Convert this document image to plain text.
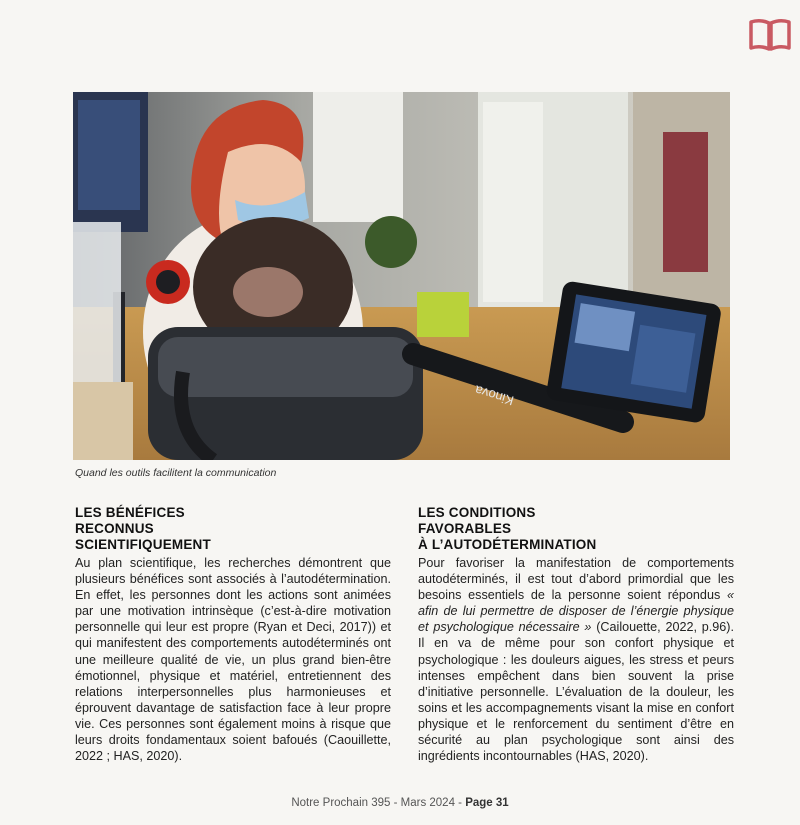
Kinova
Quand les outils facilitent la communication
LES BÉNÉFICES
RECONNUS
SCIENTIFIQUEMENT

Au plan scientifique, les recherches démontrent que plusieurs bénéfices sont associés à l’autodétermination. En effet, les personnes dont les actions sont animées par une motivation intrinsèque (c’est-à-dire motivation personnelle qui leur est propre (Ryan et Deci, 2017)) et qui manifestent des comportements autodéterminés ont une meilleure qualité de vie, un plus grand bien-être émotionnel, physique et matériel, entretiennent des relations interpersonnelles plus harmonieuses et éprouvent davantage de satisfaction face à leur propre vie. Ces personnes sont également moins à risque que leurs droits fondamentaux soient bafoués (Caouillette, 2022 ; HAS, 2020).

LES CONDITIONS
FAVORABLES
À L’AUTODÉTERMINATION

Pour favoriser la manifestation de comportements autodéterminés, il est tout d’abord primordial que les besoins essentiels de la personne soient répondus « afin de lui permettre de disposer de l’énergie physique et psychologique nécessaire » (Cailouette, 2022, p.96). Il en va de même pour son confort physique et psychologique : les douleurs aigues, les stress et peurs intenses empêchent dans bien souvent la prise d’initiative personnelle. L’évaluation de la douleur, les soins et les accompagnements visant la mise en confort physique et le renforcement du sentiment d’être en sécurité au plan psychologique sont ainsi des ingrédients incontournables (HAS, 2020).

Notre Prochain 395 - Mars 2024 - Page 31
